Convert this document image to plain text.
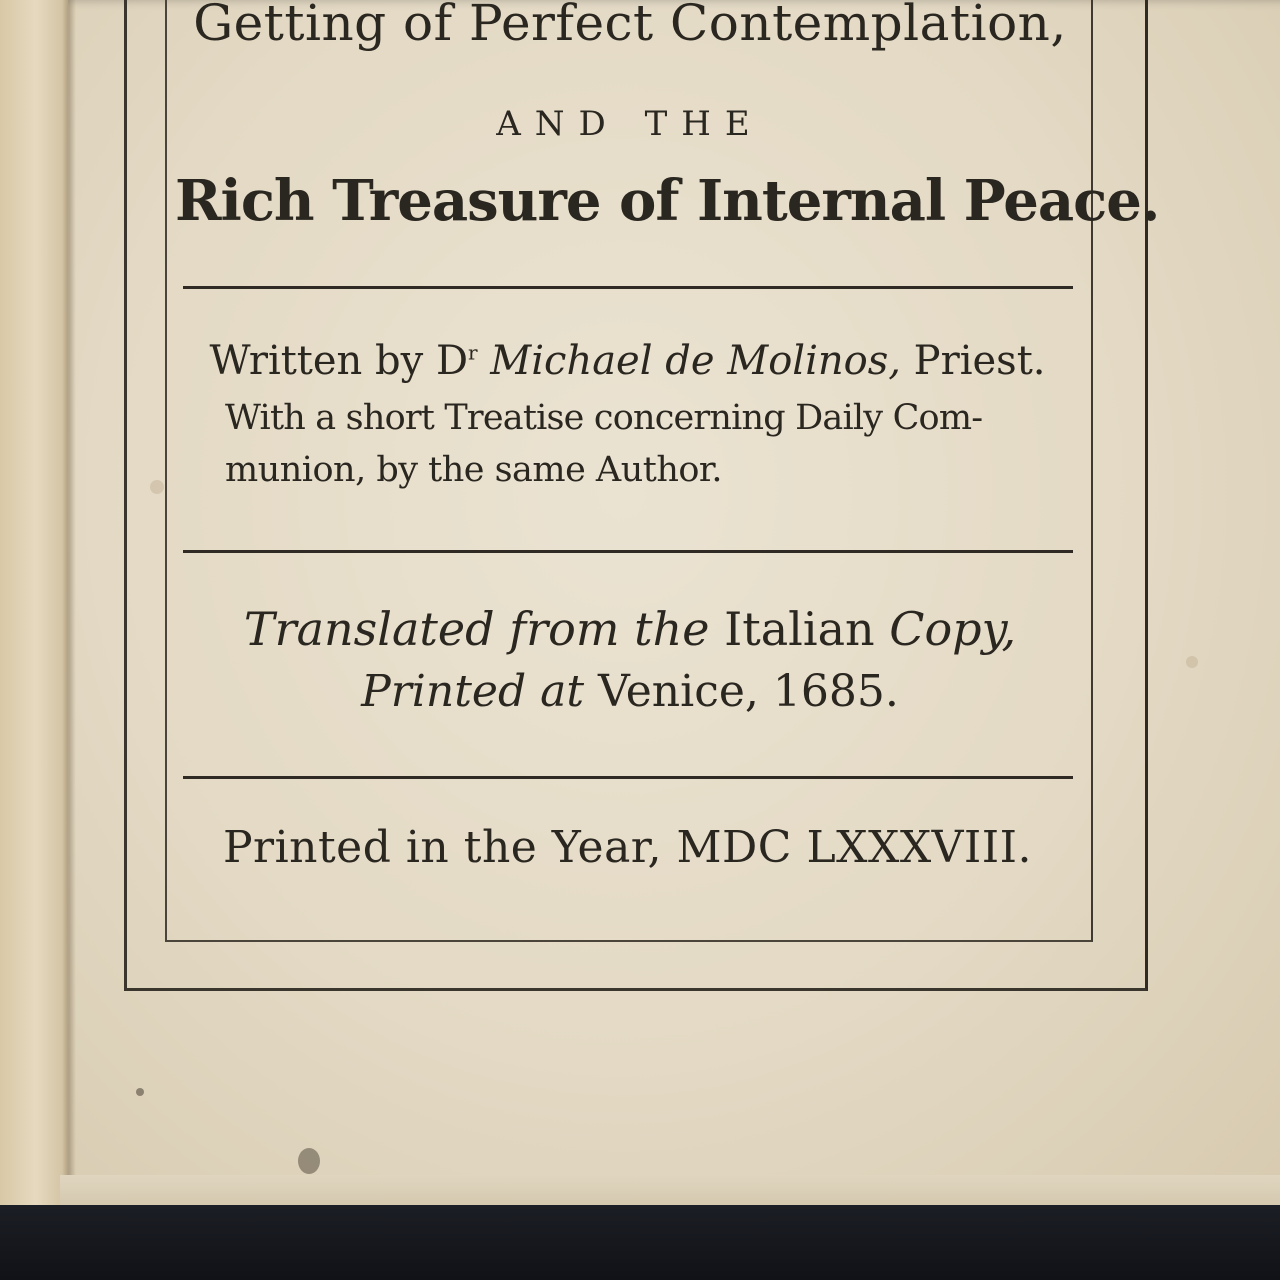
Getting of Perfect Contemplation,
AND THE
Rich Treasure of Internal Peace.
Written by $D^r$ Michael de Molinos, Priest.
With a short Treatise concerning Daily Com-
munion, by the same Author.
Translated from the Italian Copy,
Printed at Venice, 1685.
Printed in the Year, MDC LXXXVIII.
